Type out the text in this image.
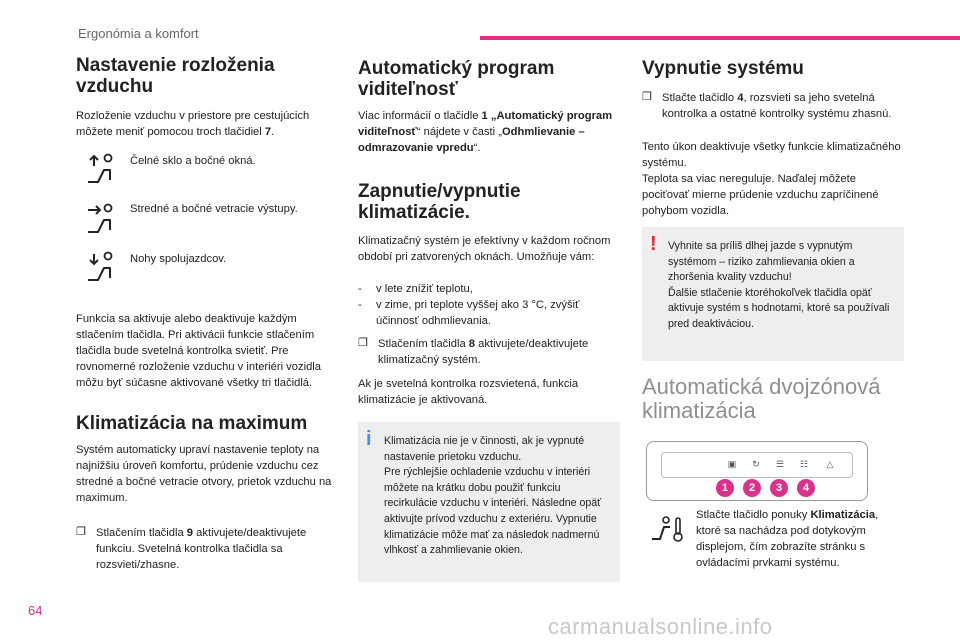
Ergonómia a komfort
Nastavenie rozloženia vzduchu

Rozloženie vzduchu v priestore pre cestujúcich môžete meniť pomocou troch tlačidiel 7.

Čelné sklo a bočné okná.
Stredné a bočné vetracie výstupy.
Nohy spolujazdcov.

Funkcia sa aktivuje alebo deaktivuje každým stlačením tlačidla. Pri aktivácii funkcie stlačením tlačidla bude svetelná kontrolka svietiť. Pre rovnomerné rozloženie vzduchu v interiéri vozidla môžu byť súčasne aktivované všetky tri tlačidlá.

Klimatizácia na maximum

Systém automaticky upraví nastavenie teploty na najnižšiu úroveň komfortu, prúdenie vzduchu cez stredné a bočné vetracie otvory, prietok vzduchu na maximum.

❐ Stlačením tlačidla 9 aktivujete/deaktivujete funkciu. Svetelná kontrolka tlačidla sa rozsvieti/zhasne.
Automatický program viditeľnosť

Viac informácií o tlačidle 1 „Automatický program viditeľnosť“ nájdete v časti „Odhmlievanie – odmrazovanie vpredu“.

Zapnutie/vypnutie klimatizácie.

Klimatizačný systém je efektívny v každom ročnom období pri zatvorených oknách. Umožňuje vám:

- v lete znížiť teplotu,
- v zime, pri teplote vyššej ako 3 °C, zvýšiť účinnosť odhmlievania.
❐ Stlačením tlačidla 8 aktivujete/deaktivujete klimatizačný systém.

Ak je svetelná kontrolka rozsvietená, funkcia klimatizácie je aktivovaná.

i Klimatizácia nie je v činnosti, ak je vypnuté nastavenie prietoku vzduchu.
Pre rýchlejšie ochladenie vzduchu v interiéri môžete na krátku dobu použiť funkciu recirkulácie vzduchu v interiéri. Následne opäť aktivujte prívod vzduchu z exteriéru. Vypnutie klimatizácie môže mať za následok nadmernú vlhkosť a zahmlievanie okien.
Vypnutie systému
❐ Stlačte tlačidlo 4, rozsvieti sa jeho svetelná kontrolka a ostatné kontrolky systému zhasnú.

Tento úkon deaktivuje všetky funkcie klimatizačného systému.
Teplota sa viac nereguluje. Naďalej môžete pociťovať mierne prúdenie vzduchu zapríčinené pohybom vozidla.

! Vyhnite sa príliš dlhej jazde s vypnutým systémom – riziko zahmlievania okien a zhoršenia kvality vzduchu!
Ďalšie stlačenie ktoréhokoľvek tlačidla opäť aktivuje systém s hodnotami, ktoré sa používali pred deaktiváciou.
Automatická dvojzónová klimatizácia
▣	↻	☰	☷	△
1	2	3	4

Stlačte tlačidlo ponuky Klimatizácia, ktoré sa nachádza pod dotykovým displejom, čím zobrazíte stránku s ovládacími prvkami systému.

64
carmanualsonline.info
